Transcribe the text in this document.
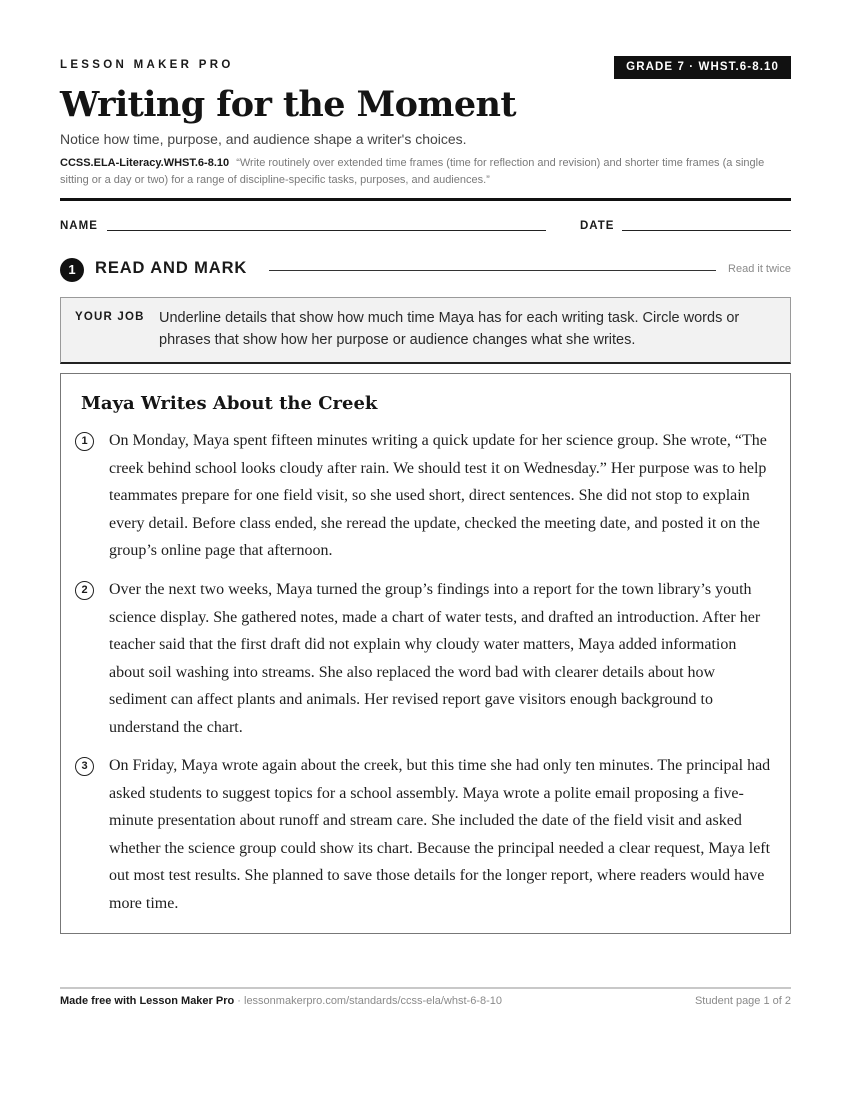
LESSON MAKER PRO	GRADE 7 · WHST.6-8.10
Writing for the Moment
Notice how time, purpose, and audience shape a writer's choices.
CCSS.ELA-Literacy.WHST.6-8.10 “Write routinely over extended time frames (time for reflection and revision) and shorter time frames (a single sitting or a day or two) for a range of discipline-specific tasks, purposes, and audiences.”
NAME	DATE
1	READ AND MARK	Read it twice
YOUR JOB Underline details that show how much time Maya has for each writing task. Circle words or phrases that show how her purpose or audience changes what she writes.
Maya Writes About the Creek
1	On Monday, Maya spent fifteen minutes writing a quick update for her science group. She wrote, “The creek behind school looks cloudy after rain. We should test it on Wednesday.” Her purpose was to help teammates prepare for one field visit, so she used short, direct sentences. She did not stop to explain every detail. Before class ended, she reread the update, checked the meeting date, and posted it on the group’s online page that afternoon.

2	Over the next two weeks, Maya turned the group’s findings into a report for the town library’s youth science display. She gathered notes, made a chart of water tests, and drafted an introduction. After her teacher said that the first draft did not explain why cloudy water matters, Maya added information about soil washing into streams. She also replaced the word bad with clearer details about how sediment can affect plants and animals. Her revised report gave visitors enough background to understand the chart.

3	On Friday, Maya wrote again about the creek, but this time she had only ten minutes. The principal had asked students to suggest topics for a school assembly. Maya wrote a polite email proposing a five-minute presentation about runoff and stream care. She included the date of the field visit and asked whether the science group could show its chart. Because the principal needed a clear request, Maya left out most test results. She planned to save those details for the longer report, where readers would have more time.

Made free with Lesson Maker Pro · lessonmakerpro.com/standards/ccss-ela/whst-6-8-10	Student page 1 of 2
